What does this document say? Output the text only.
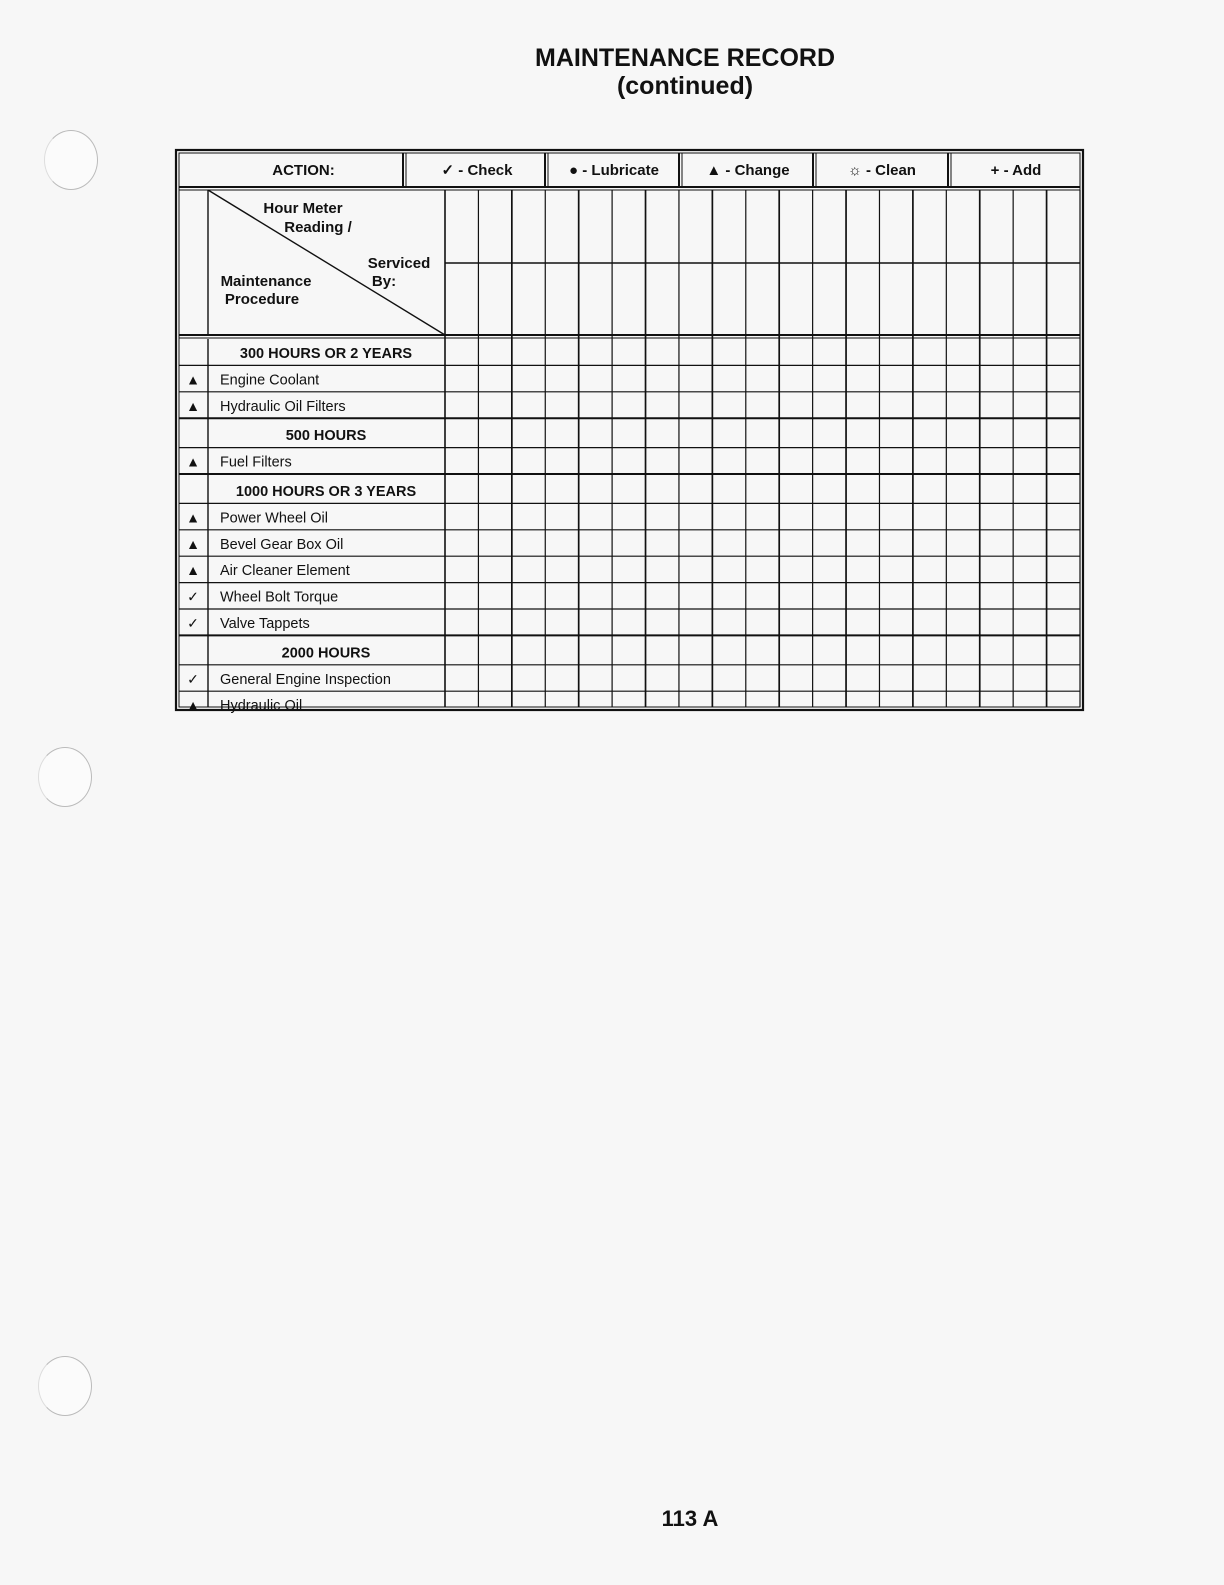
MAINTENANCE RECORD
(continued)
ACTION:	✓ - Check	● - Lubricate	▲ - Change	☼ - Clean	+ - Add
Hour Meter
Reading /
Serviced
By:
Maintenance
Procedure
300 HOURS OR 2 YEARS
▲ Engine Coolant
▲ Hydraulic Oil Filters
500 HOURS
▲ Fuel Filters
1000 HOURS OR 3 YEARS
▲ Power Wheel Oil
▲ Bevel Gear Box Oil
▲ Air Cleaner Element
✓ Wheel Bolt Torque
✓ Valve Tappets
2000 HOURS
✓ General Engine Inspection
▲ Hydraulic Oil
113 A
